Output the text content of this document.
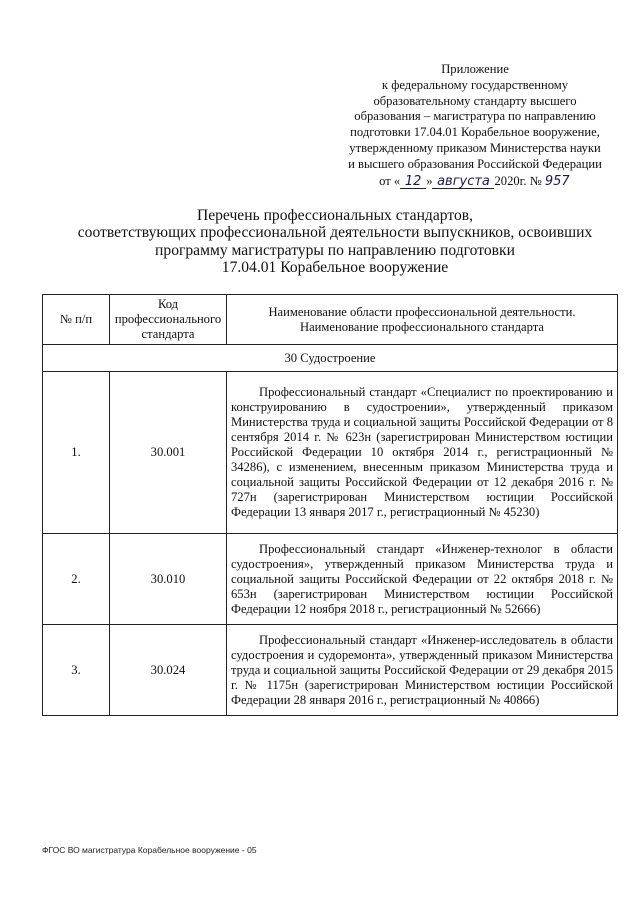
Приложение
к федеральному государственному
образовательному стандарту высшего
образования – магистратура по направлению
подготовки 17.04.01 Корабельное вооружение,
утвержденному приказом Министерства науки
и высшего образования Российской Федерации
от « 12 » августа 2020г. № 957
Перечень профессиональных стандартов,
соответствующих профессиональной деятельности выпускников, освоивших
программу магистратуры по направлению подготовки
17.04.01 Корабельное вооружение
№ п/п	Код профессионального стандарта	Наименование области профессиональной деятельности. Наименование профессионального стандарта
30 Судостроение		
1.	30.001	Профессиональный стандарт «Специалист по проектированию и конструированию в судостроении», утвержденный приказом Министерства труда и социальной защиты Российской Федерации от 8 сентября 2014 г. № 623н (зарегистрирован Министерством юстиции Российской Федерации 10 октября 2014 г., регистрационный № 34286), с изменением, внесенным приказом Министерства труда и социальной защиты Российской Федерации от 12 декабря 2016 г. № 727н (зарегистрирован Министерством юстиции Российской Федерации 13 января 2017 г., регистрационный № 45230)

2.	30.010	Профессиональный стандарт «Инженер-технолог в области судостроения», утвержденный приказом Министерства труда и социальной защиты Российской Федерации от 22 октября 2018 г. № 653н (зарегистрирован Министерством юстиции Российской Федерации 12 ноября 2018 г., регистрационный № 52666)

3.	30.024	Профессиональный стандарт «Инженер-исследователь в области судостроения и судоремонта», утвержденный приказом Министерства труда и социальной защиты Российской Федерации от 29 декабря 2015 г. № 1175н (зарегистрирован Министерством юстиции Российской Федерации 28 января 2016 г., регистрационный № 40866)
ФГОС ВО магистратура Корабельное вооружение - 05
